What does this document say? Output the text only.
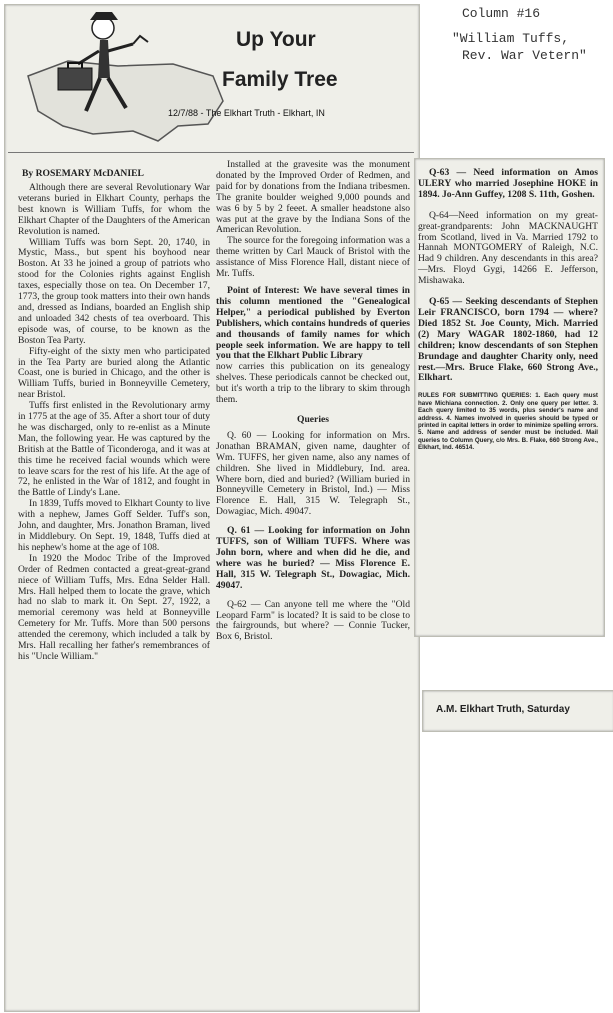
Column #16
"William Tuffs,
Rev. War Vetern"
Up Your
Family Tree
12/7/88 - The Elkhart Truth - Elkhart, IN
By ROSEMARY McDANIEL

Although there are several Revolutionary War veterans buried in Elkhart County, perhaps the best known is William Tuffs, for whom the Elkhart Chapter of the Daughters of the American Revolution is named.

William Tuffs was born Sept. 20, 1740, in Mystic, Mass., but spent his boyhood near Boston. At 33 he joined a group of patriots who stood for the Colonies rights against English taxes, especially those on tea. On December 17, 1773, the group took matters into their own hands and, dressed as Indians, boarded an English ship and unloaded 342 chests of tea overboard. This episode was, of course, to be known as the Boston Tea Party.

Fifty-eight of the sixty men who participated in the Tea Party are buried along the Atlantic Coast, one is buried in Chicago, and the other is William Tuffs, buried in Bonneyville Cemetery, near Bristol.

Tuffs first enlisted in the Revolutionary army in 1775 at the age of 35. After a short tour of duty he was discharged, only to re-enlist as a Minute Man, the following year. He was captured by the British at the Battle of Ticonderoga, and it was at this time he received facial wounds which were to leave scars for the rest of his life. At the age of 72, he enlisted in the War of 1812, and fought in the Battle of Lindy's Lane.

In 1839, Tuffs moved to Elkhart County to live with a nephew, James Goff Selder. Tuff's son, John, and daughter, Mrs. Jonathon Braman, lived in Middlebury. On Sept. 19, 1848, Tuffs died at his nephew's home at the age of 108.

In 1920 the Modoc Tribe of the Improved Order of Redmen contacted a great-great-grand niece of William Tuffs, Mrs. Edna Selder Hall. Mrs. Hall helped them to locate the grave, which had no slab to mark it. On Sept. 27, 1922, a memorial ceremony was held at Bonneyville Cemetery for Mr. Tuffs. More than 500 persons attended the ceremony, which included a talk by Mrs. Hall recalling her father's remembrances of his "Uncle William."

Installed at the gravesite was the monument donated by the Improved Order of Redmen, and paid for by donations from the Indiana tribesmen. The granite boulder weighed 9,000 pounds and was 6 by 5 by 2 feeet. A smaller headstone also was put at the grave by the Indiana Sons of the American Revolution.

The source for the foregoing information was a theme written by Carl Mauck of Bristol with the assistance of Miss Florence Hall, distant niece of Mr. Tuffs.

Point of Interest: We have several times in this column mentioned the "Genealogical Helper," a periodical published by Everton Publishers, which contains hundreds of queries and thousands of family names for which people seek information. We are happy to tell you that the Elkhart Public Library

now carries this publication on its genealogy shelves. These periodicals cannot be checked out, but it's worth a trip to the library to skim through them.

Queries

Q. 60 — Looking for information on Mrs. Jonathan BRAMAN, given name, daughter of Wm. TUFFS, her given name, also any names of children. She lived in Middlebury, Ind. area. Where born, died and buried? (William buried in Bonneyville Cemetery in Bristol, Ind.) — Miss Florence E. Hall, 315 W. Telegraph St., Dowagiac, Mich. 49047.

Q. 61 — Looking for information on John TUFFS, son of William TUFFS. Where was John born, where and when did he die, and where was he buried? — Miss Florence E. Hall, 315 W. Telegraph St., Dowagiac, Mich. 49047.

Q-62 — Can anyone tell me where the "Old Leopard Farm" is located? It is said to be close to the fairgrounds, but where? — Connie Tucker, Box 6, Bristol.

Q-63 — Need information on Amos ULERY who married Josephine HOKE in 1894. Jo-Ann Guffey, 1208 S. 11th, Goshen.

Q-64—Need information on my great-great-grandparents: John MACKNAUGHT from Scotland, lived in Va. Married 1792 to Hannah MONTGOMERY of Raleigh, N.C. Had 9 children. Any descendants in this area? —Mrs. Floyd Gygi, 14266 E. Jefferson, Mishawaka.

Q-65 — Seeking descendants of Stephen Leir FRANCISCO, born 1794 — where? Died 1852 St. Joe County, Mich. Married (2) Mary WAGAR 1802-1860, had 12 children; know descendants of son Stephen Brundage and daughter Charity only, need rest.—Mrs. Bruce Flake, 660 Strong Ave., Elkhart.

RULES FOR SUBMITTING QUERIES: 1. Each query must have Michiana connection. 2. Only one query per letter. 3. Each query limited to 35 words, plus sender's name and address. 4. Names involved in queries should be typed or printed in capital letters in order to minimize spelling errors. 5. Name and address of sender must be included. Mail queries to Column Query, c/o Mrs. B. Flake, 660 Strong Ave., Elkhart, Ind. 46514.
A.M. Elkhart Truth, Saturday
